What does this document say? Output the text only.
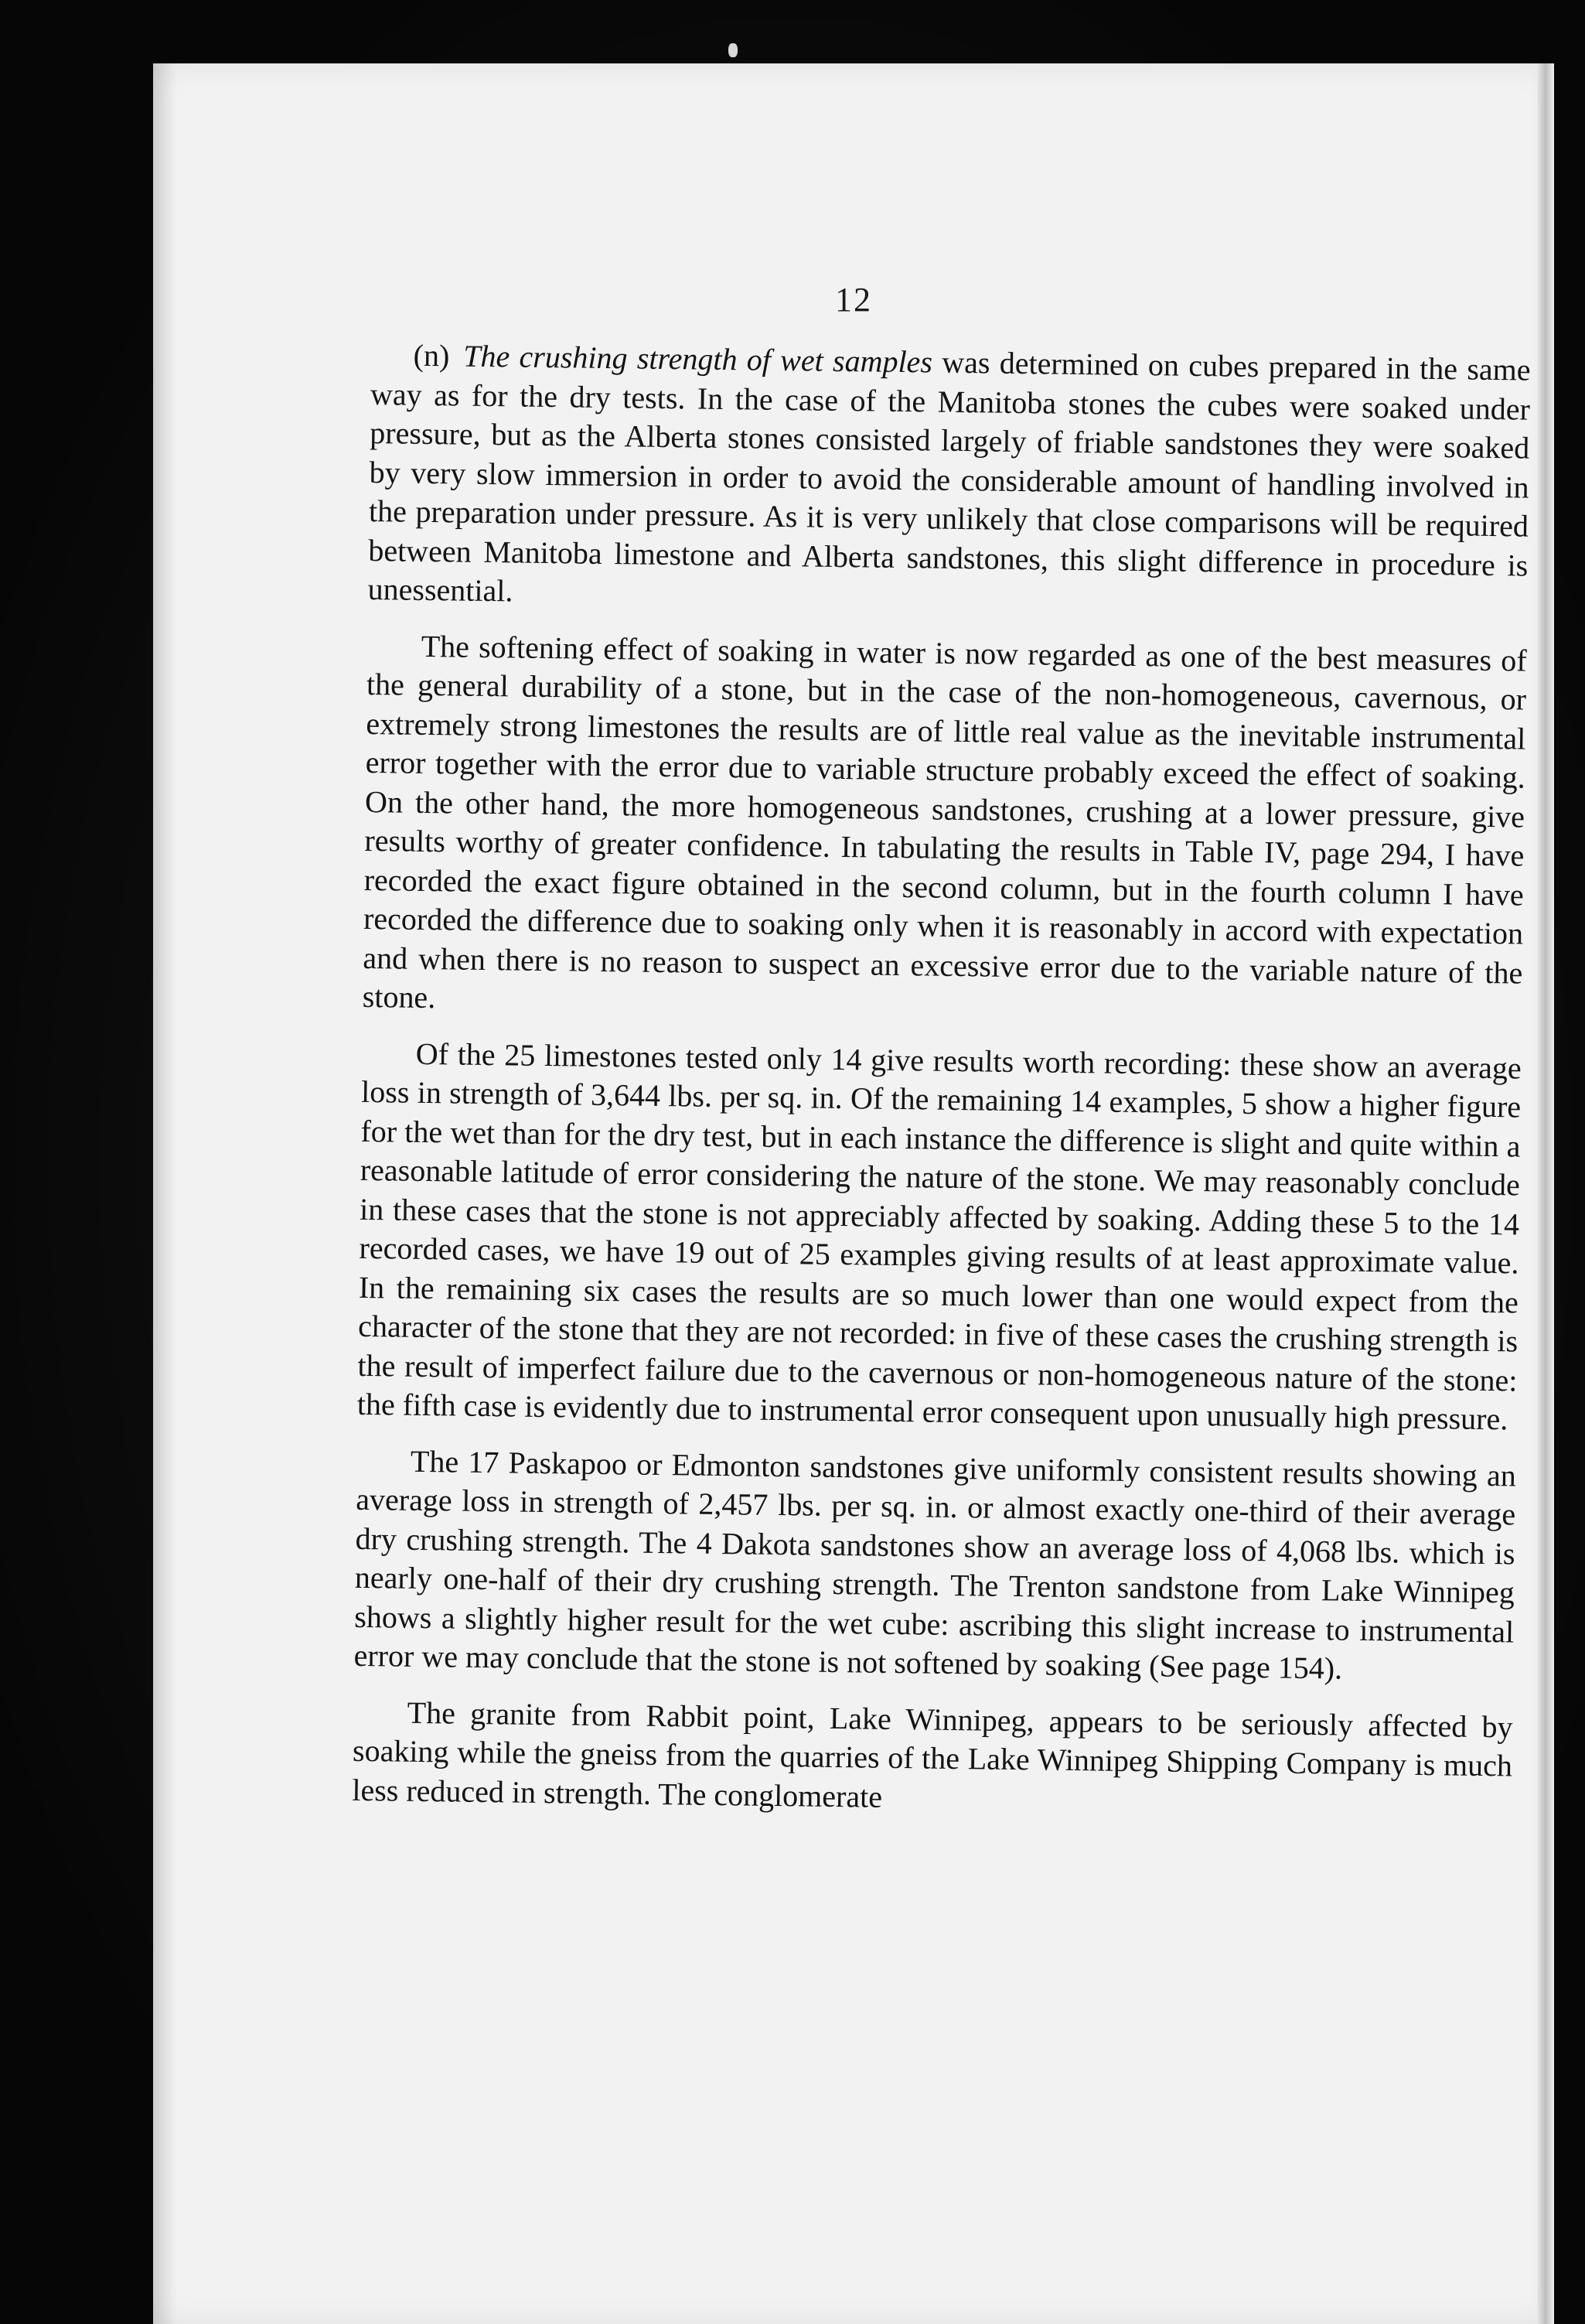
12

(n) The crushing strength of wet samples was determined on cubes prepared in the same way as for the dry tests. In the case of the Manitoba stones the cubes were soaked under pressure, but as the Alberta stones consisted largely of friable sandstones they were soaked by very slow immersion in order to avoid the considerable amount of handling involved in the preparation under pressure. As it is very unlikely that close comparisons will be required between Manitoba limestone and Alberta sandstones, this slight difference in procedure is unessential.

The softening effect of soaking in water is now regarded as one of the best measures of the general durability of a stone, but in the case of the non-homogeneous, cavernous, or extremely strong limestones the results are of little real value as the inevitable instrumental error together with the error due to variable structure probably exceed the effect of soaking. On the other hand, the more homogeneous sandstones, crushing at a lower pressure, give results worthy of greater confidence. In tabulating the results in Table IV, page 294, I have recorded the exact figure obtained in the second column, but in the fourth column I have recorded the difference due to soaking only when it is reasonably in accord with expectation and when there is no reason to suspect an excessive error due to the variable nature of the stone.

Of the 25 limestones tested only 14 give results worth recording: these show an average loss in strength of 3,644 lbs. per sq. in. Of the remaining 14 examples, 5 show a higher figure for the wet than for the dry test, but in each instance the difference is slight and quite within a reasonable latitude of error considering the nature of the stone. We may reasonably conclude in these cases that the stone is not appreciably affected by soaking. Adding these 5 to the 14 recorded cases, we have 19 out of 25 examples giving results of at least approximate value. In the remaining six cases the results are so much lower than one would expect from the character of the stone that they are not recorded: in five of these cases the crushing strength is the result of imperfect failure due to the cavernous or non-homogeneous nature of the stone: the fifth case is evidently due to instrumental error consequent upon unusually high pressure.

The 17 Paskapoo or Edmonton sandstones give uniformly consistent results showing an average loss in strength of 2,457 lbs. per sq. in. or almost exactly one-third of their average dry crushing strength. The 4 Dakota sandstones show an average loss of 4,068 lbs. which is nearly one-half of their dry crushing strength. The Trenton sandstone from Lake Winnipeg shows a slightly higher result for the wet cube: ascribing this slight increase to instrumental error we may conclude that the stone is not softened by soaking (See page 154).

The granite from Rabbit point, Lake Winnipeg, appears to be seriously affected by soaking while the gneiss from the quarries of the Lake Winnipeg Shipping Company is much less reduced in strength. The conglomerate
